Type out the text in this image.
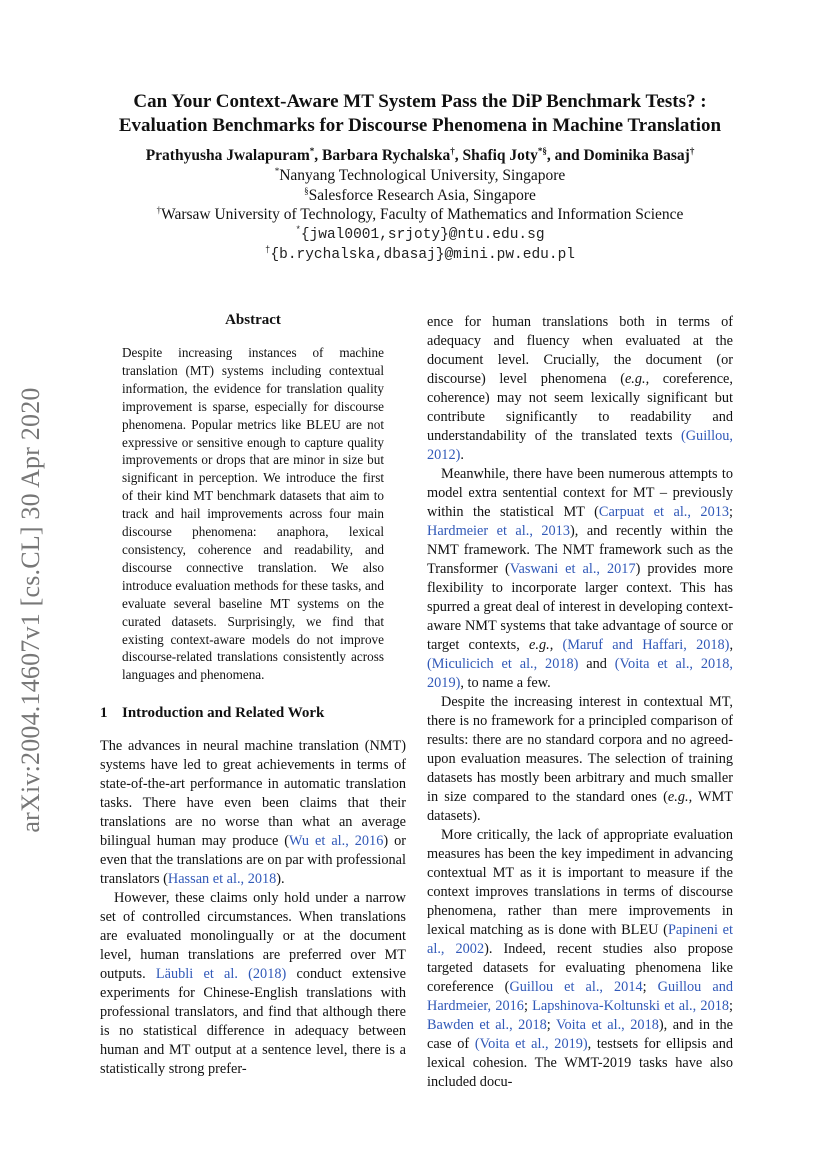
arXiv:2004.14607v1 [cs.CL] 30 Apr 2020
Can Your Context-Aware MT System Pass the DiP Benchmark Tests? :
Evaluation Benchmarks for Discourse Phenomena in Machine Translation
Prathyusha Jwalapuram*, Barbara Rychalska†, Shafiq Joty*§, and Dominika Basaj†
*Nanyang Technological University, Singapore
§Salesforce Research Asia, Singapore
†Warsaw University of Technology, Faculty of Mathematics and Information Science
*{jwal0001,srjoty}@ntu.edu.sg
†{b.rychalska,dbasaj}@mini.pw.edu.pl
Abstract

Despite increasing instances of machine translation (MT) systems including contextual information, the evidence for translation quality improvement is sparse, especially for discourse phenomena. Popular metrics like BLEU are not expressive or sensitive enough to capture quality improvements or drops that are minor in size but significant in perception. We introduce the first of their kind MT benchmark datasets that aim to track and hail improvements across four main discourse phenomena: anaphora, lexical consistency, coherence and readability, and discourse connective translation. We also introduce evaluation methods for these tasks, and evaluate several baseline MT systems on the curated datasets. Surprisingly, we find that existing context-aware models do not improve discourse-related translations consistently across languages and phenomena.

1 Introduction and Related Work

The advances in neural machine translation (NMT) systems have led to great achievements in terms of state-of-the-art performance in automatic translation tasks. There have even been claims that their translations are no worse than what an average bilingual human may produce (Wu et al., 2016) or even that the translations are on par with professional translators (Hassan et al., 2018).

However, these claims only hold under a narrow set of controlled circumstances. When translations are evaluated monolingually or at the document level, human translations are preferred over MT outputs. Läubli et al. (2018) conduct extensive experiments for Chinese-English translations with professional translators, and find that although there is no statistical difference in adequacy between human and MT output at a sentence level, there is a statistically strong prefer-

ence for human translations both in terms of adequacy and fluency when evaluated at the document level. Crucially, the document (or discourse) level phenomena (e.g., coreference, coherence) may not seem lexically significant but contribute significantly to readability and understandability of the translated texts (Guillou, 2012).

Meanwhile, there have been numerous attempts to model extra sentential context for MT – previously within the statistical MT (Carpuat et al., 2013; Hardmeier et al., 2013), and recently within the NMT framework. The NMT framework such as the Transformer (Vaswani et al., 2017) provides more flexibility to incorporate larger context. This has spurred a great deal of interest in developing context-aware NMT systems that take advantage of source or target contexts, e.g., (Maruf and Haffari, 2018), (Miculicich et al., 2018) and (Voita et al., 2018, 2019), to name a few.

Despite the increasing interest in contextual MT, there is no framework for a principled comparison of results: there are no standard corpora and no agreed-upon evaluation measures. The selection of training datasets has mostly been arbitrary and much smaller in size compared to the standard ones (e.g., WMT datasets).

More critically, the lack of appropriate evaluation measures has been the key impediment in advancing contextual MT as it is important to measure if the context improves translations in terms of discourse phenomena, rather than mere improvements in lexical matching as is done with BLEU (Papineni et al., 2002). Indeed, recent studies also propose targeted datasets for evaluating phenomena like coreference (Guillou et al., 2014; Guillou and Hardmeier, 2016; Lapshinova-Koltunski et al., 2018; Bawden et al., 2018; Voita et al., 2018), and in the case of (Voita et al., 2019), testsets for ellipsis and lexical cohesion. The WMT-2019 tasks have also included docu-
